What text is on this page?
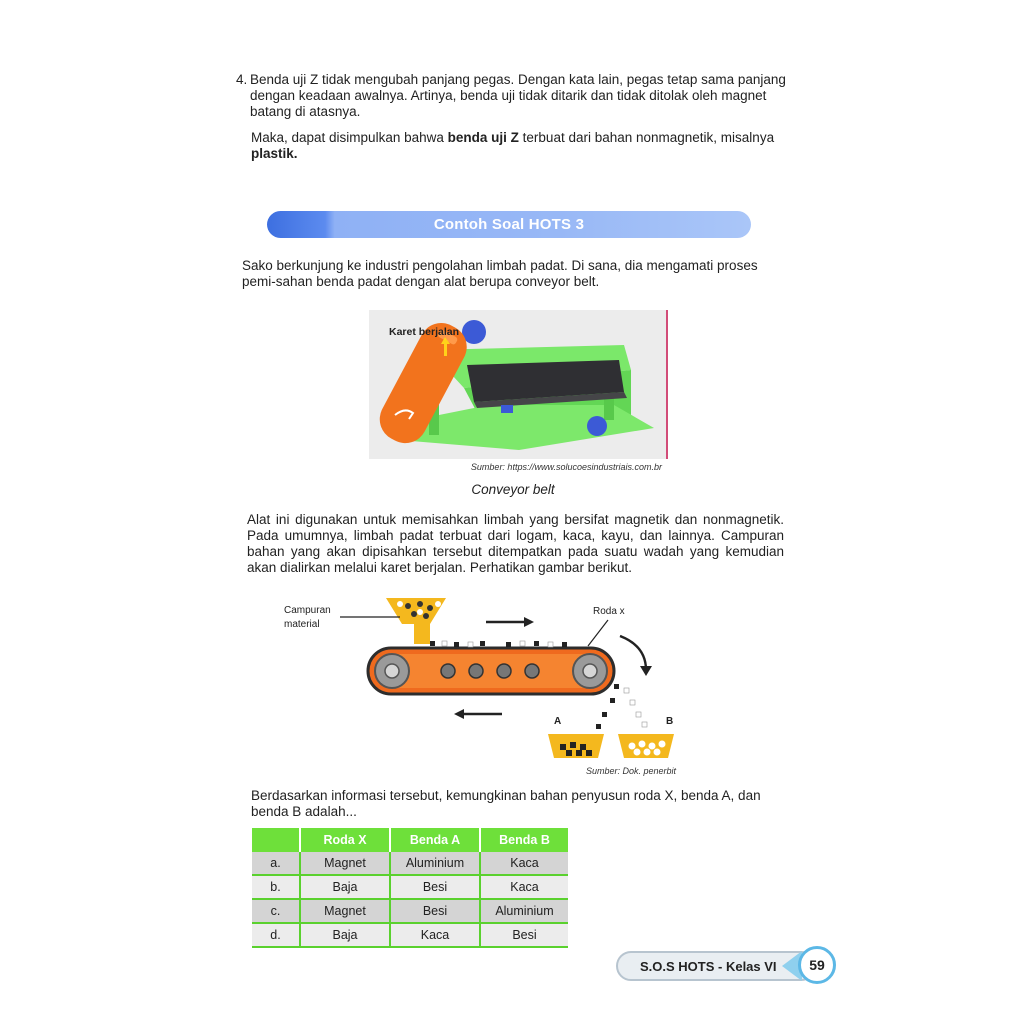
4. Benda uji Z tidak mengubah panjang pegas. Dengan kata lain, pegas tetap sama panjang dengan keadaan awalnya. Artinya, benda uji tidak ditarik dan tidak ditolak oleh magnet batang di atasnya.
Maka, dapat disimpulkan bahwa benda uji Z terbuat dari bahan nonmagnetik, misalnya plastik.
Contoh Soal HOTS 3
Sako berkunjung ke industri pengolahan limbah padat. Di sana, dia mengamati proses pemi-sahan benda padat dengan alat berupa conveyor belt.
Karet berjalan
Sumber: https://www.solucoesindustriais.com.br
Conveyor belt
Alat ini digunakan untuk memisahkan limbah yang bersifat magnetik dan nonmagnetik. Pada umumnya, limbah padat terbuat dari logam, kaca, kayu, dan lainnya. Campuran bahan yang akan dipisahkan tersebut ditempatkan pada suatu wadah yang kemudian akan dialirkan melalui karet berjalan. Perhatikan gambar berikut.
Campuran
material
Roda x
A	B
Sumber: Dok. penerbit
Berdasarkan informasi tersebut, kemungkinan bahan penyusun roda X, benda A, dan benda B adalah...
	Roda X	Benda A	Benda B
a.	Magnet	Aluminium	Kaca
b.	Baja	Besi	Kaca
c.	Magnet	Besi	Aluminium
d.	Baja	Kaca	Besi
S.O.S HOTS - Kelas VI	59
